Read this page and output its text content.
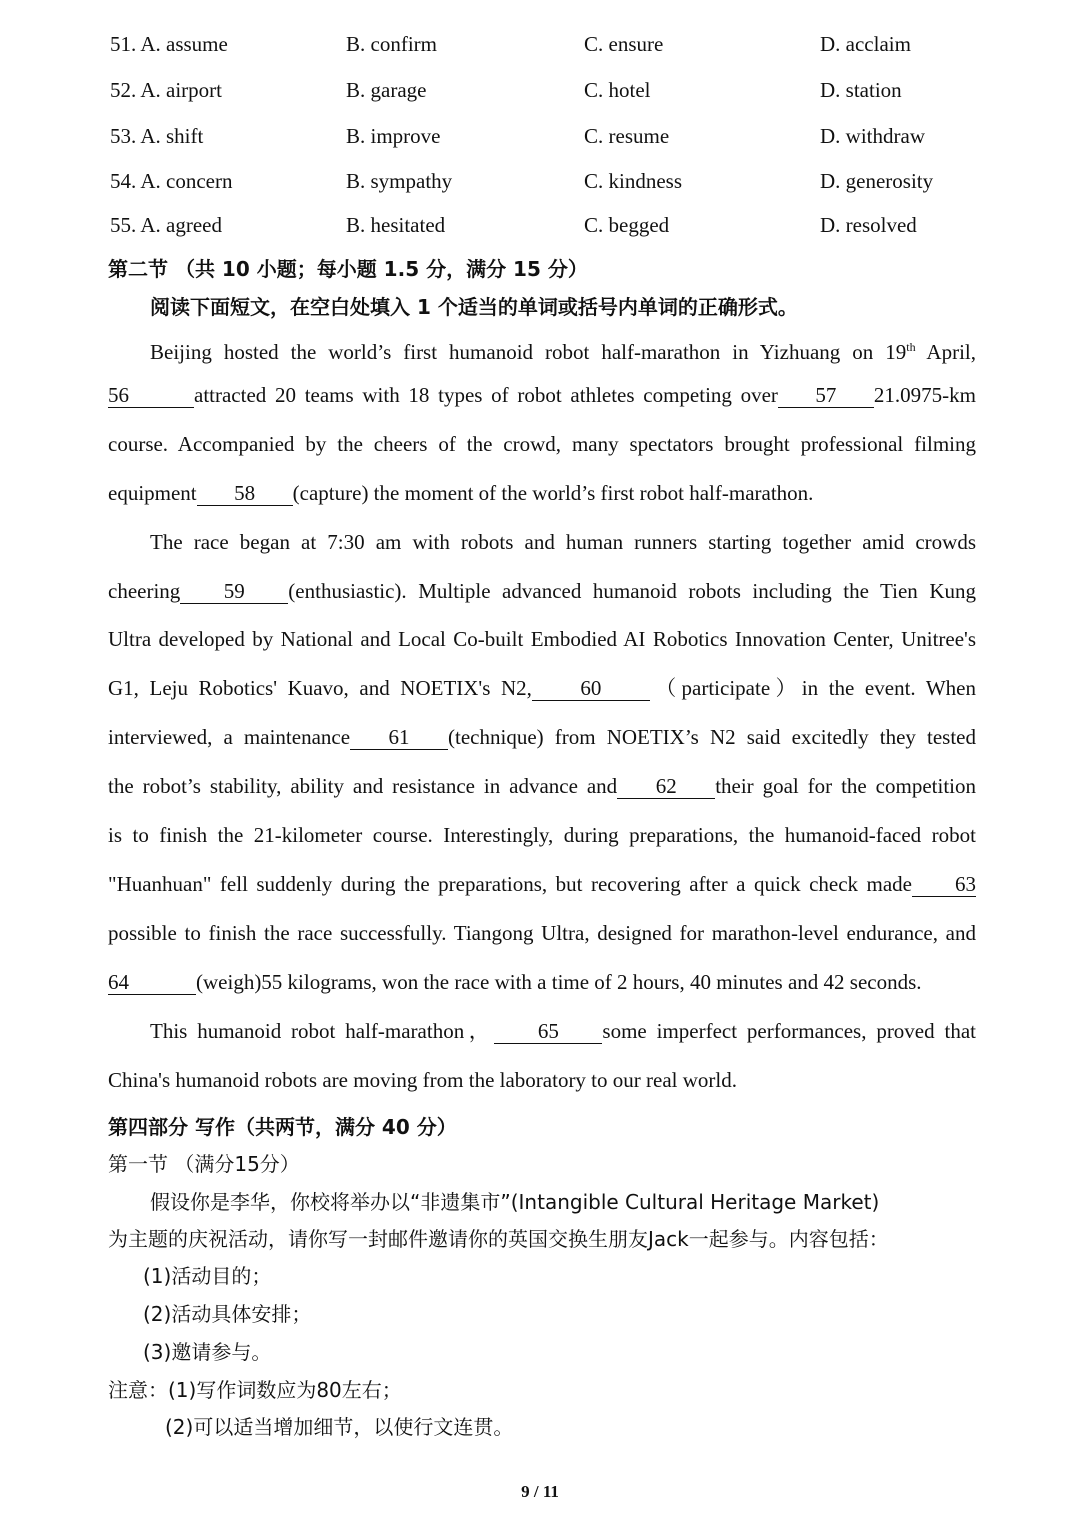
51. A. assume	B. confirm	C. ensure	D. acclaim
52. A. airport	B. garage	C. hotel	D. station
53. A. shift	B. improve	C. resume	D. withdraw
54. A. concern	B. sympathy	C. kindness	D. generosity
55. A. agreed	B. hesitated	C. begged	D. resolved
第二节 （共 10 小题；每小题 1.5 分，满分 15 分）
阅读下面短文，在空白处填入 1 个适当的单词或括号内单词的正确形式。
Beijing hosted the world’s first humanoid robot half-marathon in Yizhuang on 19th April,
56	attracted 20 teams with 18 types of robot athletes competing over 57 21.0975-km
course. Accompanied by the cheers of the crowd, many spectators brought professional filming
equipment 58 (capture) the moment of the world’s first robot half-marathon.
The race began at 7:30 am with robots and human runners starting together amid crowds
cheering 59 (enthusiastic). Multiple advanced humanoid robots including the Tien Kung
Ultra developed by National and Local Co-built Embodied AI Robotics Innovation Center, Unitree's
G1, Leju Robotics' Kuavo, and NOETIX's N2, 60 （participate）in the event. When
interviewed, a maintenance 61 (technique) from NOETIX’s N2 said excitedly they tested
the robot’s stability, ability and resistance in advance and 62 their goal for the competition
is to finish the 21-kilometer course. Interestingly, during preparations, the humanoid-faced robot
"Huanhuan" fell suddenly during the preparations, but recovering after a quick check made 63
possible to finish the race successfully. Tiangong Ultra, designed for marathon-level endurance, and
64	(weigh)55 kilograms, won the race with a time of 2 hours, 40 minutes and 42 seconds.
This humanoid robot half-marathon， 65 some imperfect performances, proved that
China's humanoid robots are moving from the laboratory to our real world.
第四部分 写作（共两节，满分 40 分）
第一节 （满分15分）
假设你是李华，你校将举办以“非遗集市”(Intangible Cultural Heritage Market)
为主题的庆祝活动，请你写一封邮件邀请你的英国交换生朋友Jack一起参与。内容包括：
(1)活动目的；
(2)活动具体安排；
(3)邀请参与。
注意：(1)写作词数应为80左右；
(2)可以适当增加细节，以使行文连贯。
9 / 11
